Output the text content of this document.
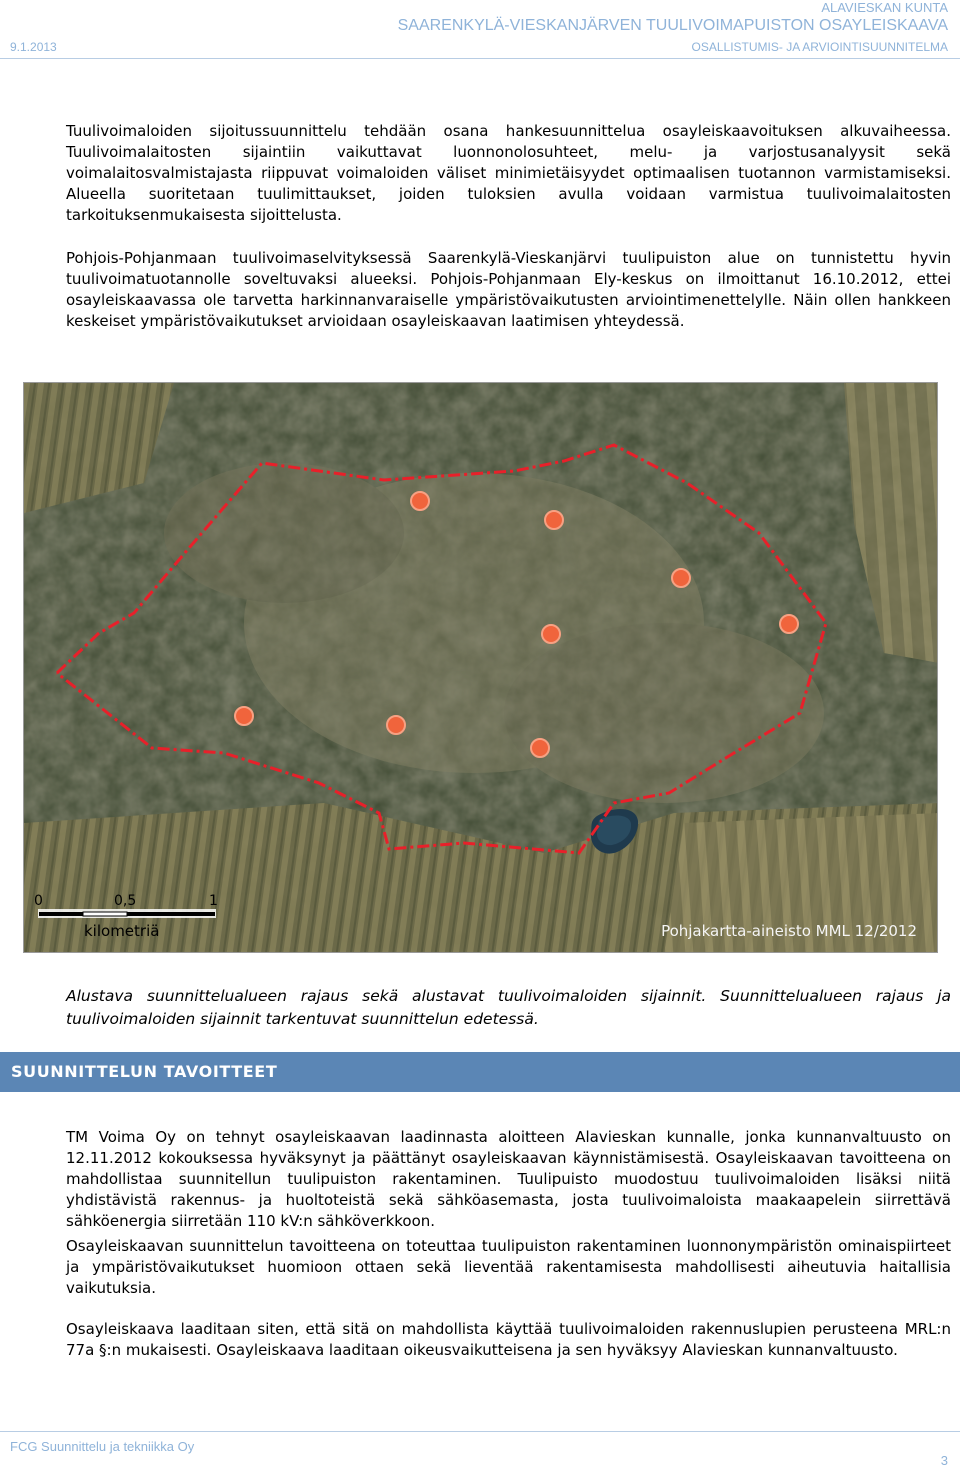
ALAVIESKAN KUNTA
SAARENKYLÄ-VIESKANJÄRVEN TUULIVOIMAPUISTON OSAYLEISKAAVA
OSALLISTUMIS- JA ARVIOINTISUUNNITELMA
9.1.2013

Tuulivoimaloiden sijoitussuunnittelu tehdään osana hankesuunnittelua osayleiskaavoituksen alkuvaiheessa. Tuulivoimalaitosten sijaintiin vaikuttavat luonnonolosuhteet, melu- ja varjostusanalyysit sekä voimalaitosvalmistajasta riippuvat voimaloiden väliset minimietäisyydet optimaalisen tuotannon varmistamiseksi. Alueella suoritetaan tuulimittaukset, joiden tuloksien avulla voidaan varmistua tuulivoimalaitosten tarkoituksenmukaisesta sijoittelusta.

Pohjois-Pohjanmaan tuulivoimaselvityksessä Saarenkylä-Vieskanjärvi tuulipuiston alue on tunnistettu hyvin tuulivoimatuotannolle soveltuvaksi alueeksi. Pohjois-Pohjanmaan Ely-keskus on ilmoittanut 16.10.2012, ettei osayleiskaavassa ole tarvetta harkinnanvaraiselle ympäristövaikutusten arviointimenettelylle. Näin ollen hankkeen keskeiset ympäristövaikutukset arvioidaan osayleiskaavan laatimisen yhteydessä.

0	0,5	1
kilometriä	Pohjakartta-aineisto MML 12/2012

Alustava suunnittelualueen rajaus sekä alustavat tuulivoimaloiden sijainnit. Suunnittelualueen rajaus ja tuulivoimaloiden sijainnit tarkentuvat suunnittelun edetessä.

SUUNNITTELUN TAVOITTEET

TM Voima Oy on tehnyt osayleiskaavan laadinnasta aloitteen Alavieskan kunnalle, jonka kunnanvaltuusto on 12.11.2012 kokouksessa hyväksynyt ja päättänyt osayleiskaavan käynnistämisestä. Osayleiskaavan tavoitteena on mahdollistaa suunnitellun tuulipuiston rakentaminen. Tuulipuisto muodostuu tuulivoimaloiden lisäksi niitä yhdistävistä rakennus- ja huoltoteistä sekä sähköasemasta, josta tuulivoimaloista maakaapelein siirrettävä sähköenergia siirretään 110 kV:n sähköverkkoon.

Osayleiskaavan suunnittelun tavoitteena on toteuttaa tuulipuiston rakentaminen luonnonympäristön ominaispiirteet ja ympäristövaikutukset huomioon ottaen sekä lieventää rakentamisesta mahdollisesti aiheutuvia haitallisia vaikutuksia.

Osayleiskaava laaditaan siten, että sitä on mahdollista käyttää tuulivoimaloiden rakennuslupien perusteena MRL:n 77a §:n mukaisesti. Osayleiskaava laaditaan oikeusvaikutteisena ja sen hyväksyy Alavieskan kunnanvaltuusto.

FCG Suunnittelu ja tekniikka Oy
3
